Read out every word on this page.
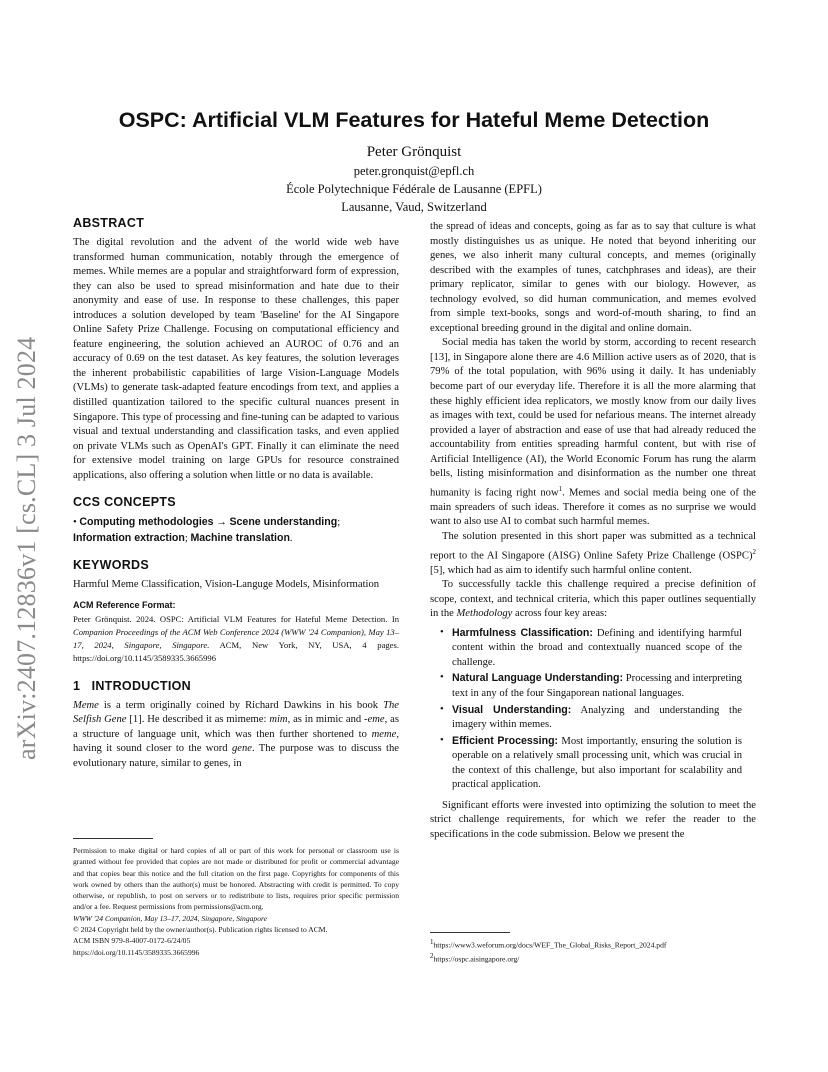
arXiv:2407.12836v1 [cs.CL] 3 Jul 2024
OSPC: Artificial VLM Features for Hateful Meme Detection
Peter Grönquist
peter.gronquist@epfl.ch
École Polytechnique Fédérale de Lausanne (EPFL)
Lausanne, Vaud, Switzerland
ABSTRACT

The digital revolution and the advent of the world wide web have transformed human communication, notably through the emergence of memes. While memes are a popular and straightforward form of expression, they can also be used to spread misinformation and hate due to their anonymity and ease of use. In response to these challenges, this paper introduces a solution developed by team 'Baseline' for the AI Singapore Online Safety Prize Challenge. Focusing on computational efficiency and feature engineering, the solution achieved an AUROC of 0.76 and an accuracy of 0.69 on the test dataset. As key features, the solution leverages the inherent probabilistic capabilities of large Vision-Language Models (VLMs) to generate task-adapted feature encodings from text, and applies a distilled quantization tailored to the specific cultural nuances present in Singapore. This type of processing and fine-tuning can be adapted to various visual and textual understanding and classification tasks, and even applied on private VLMs such as OpenAI's GPT. Finally it can eliminate the need for extensive model training on large GPUs for resource constrained applications, also offering a solution when little or no data is available.

CCS CONCEPTS

• Computing methodologies → Scene understanding; Information extraction; Machine translation.

KEYWORDS

Harmful Meme Classification, Vision-Languge Models, Misinformation

ACM Reference Format:

Peter Grönquist. 2024. OSPC: Artificial VLM Features for Hateful Meme Detection. In Companion Proceedings of the ACM Web Conference 2024 (WWW '24 Companion), May 13–17, 2024, Singapore, Singapore. ACM, New York, NY, USA, 4 pages. https://doi.org/10.1145/3589335.3665996

1   INTRODUCTION

Meme is a term originally coined by Richard Dawkins in his book The Selfish Gene [1]. He described it as mimeme: mim, as in mimic and -eme, as a structure of language unit, which was then further shortened to meme, having it sound closer to the word gene. The purpose was to discuss the evolutionary nature, similar to genes, in

Permission to make digital or hard copies of all or part of this work for personal or classroom use is granted without fee provided that copies are not made or distributed for profit or commercial advantage and that copies bear this notice and the full citation on the first page. Copyrights for components of this work owned by others than the author(s) must be honored. Abstracting with credit is permitted. To copy otherwise, or republish, to post on servers or to redistribute to lists, requires prior specific permission and/or a fee. Request permissions from permissions@acm.org.

WWW '24 Companion, May 13–17, 2024, Singapore, Singapore

© 2024 Copyright held by the owner/author(s). Publication rights licensed to ACM.

ACM ISBN 979-8-4007-0172-6/24/05

https://doi.org/10.1145/3589335.3665996

the spread of ideas and concepts, going as far as to say that culture is what mostly distinguishes us as unique. He noted that beyond inheriting our genes, we also inherit many cultural concepts, and memes (originally described with the examples of tunes, catchphrases and ideas), are their primary replicator, similar to genes with our biology. However, as technology evolved, so did human communication, and memes evolved from simple text-books, songs and word-of-mouth sharing, to find an exceptional breeding ground in the digital and online domain.

Social media has taken the world by storm, according to recent research [13], in Singapore alone there are 4.6 Million active users as of 2020, that is 79% of the total population, with 96% using it daily. It has undeniably become part of our everyday life. Therefore it is all the more alarming that these highly efficient idea replicators, we mostly know from our daily lives as images with text, could be used for nefarious means. The internet already provided a layer of abstraction and ease of use that had already reduced the accountability from entities spreading harmful content, but with rise of Artificial Intelligence (AI), the World Economic Forum has rung the alarm bells, listing misinformation and disinformation as the number one threat humanity is facing right now$^1$. Memes and social media being one of the main spreaders of such ideas. Therefore it comes as no surprise we would want to also use AI to combat such harmful memes.

The solution presented in this short paper was submitted as a technical report to the AI Singapore (AISG) Online Safety Prize Challenge (OSPC)$^2$ [5], which had as aim to identify such harmful online content.

To successfully tackle this challenge required a precise definition of scope, context, and technical criteria, which this paper outlines sequentially in the Methodology across four key areas:

• Harmfulness Classification: Defining and identifying harmful content within the broad and contextually nuanced scope of the challenge.
• Natural Language Understanding: Processing and interpreting text in any of the four Singaporean national languages.
• Visual Understanding: Analyzing and understanding the imagery within memes.
• Efficient Processing: Most importantly, ensuring the solution is operable on a relatively small processing unit, which was crucial in the context of this challenge, but also important for scalability and practical application.

Significant efforts were invested into optimizing the solution to meet the strict challenge requirements, for which we refer the reader to the specifications in the code submission. Below we present the

$^1$https://www3.weforum.org/docs/WEF_The_Global_Risks_Report_2024.pdf

$^2$https://ospc.aisingapore.org/
